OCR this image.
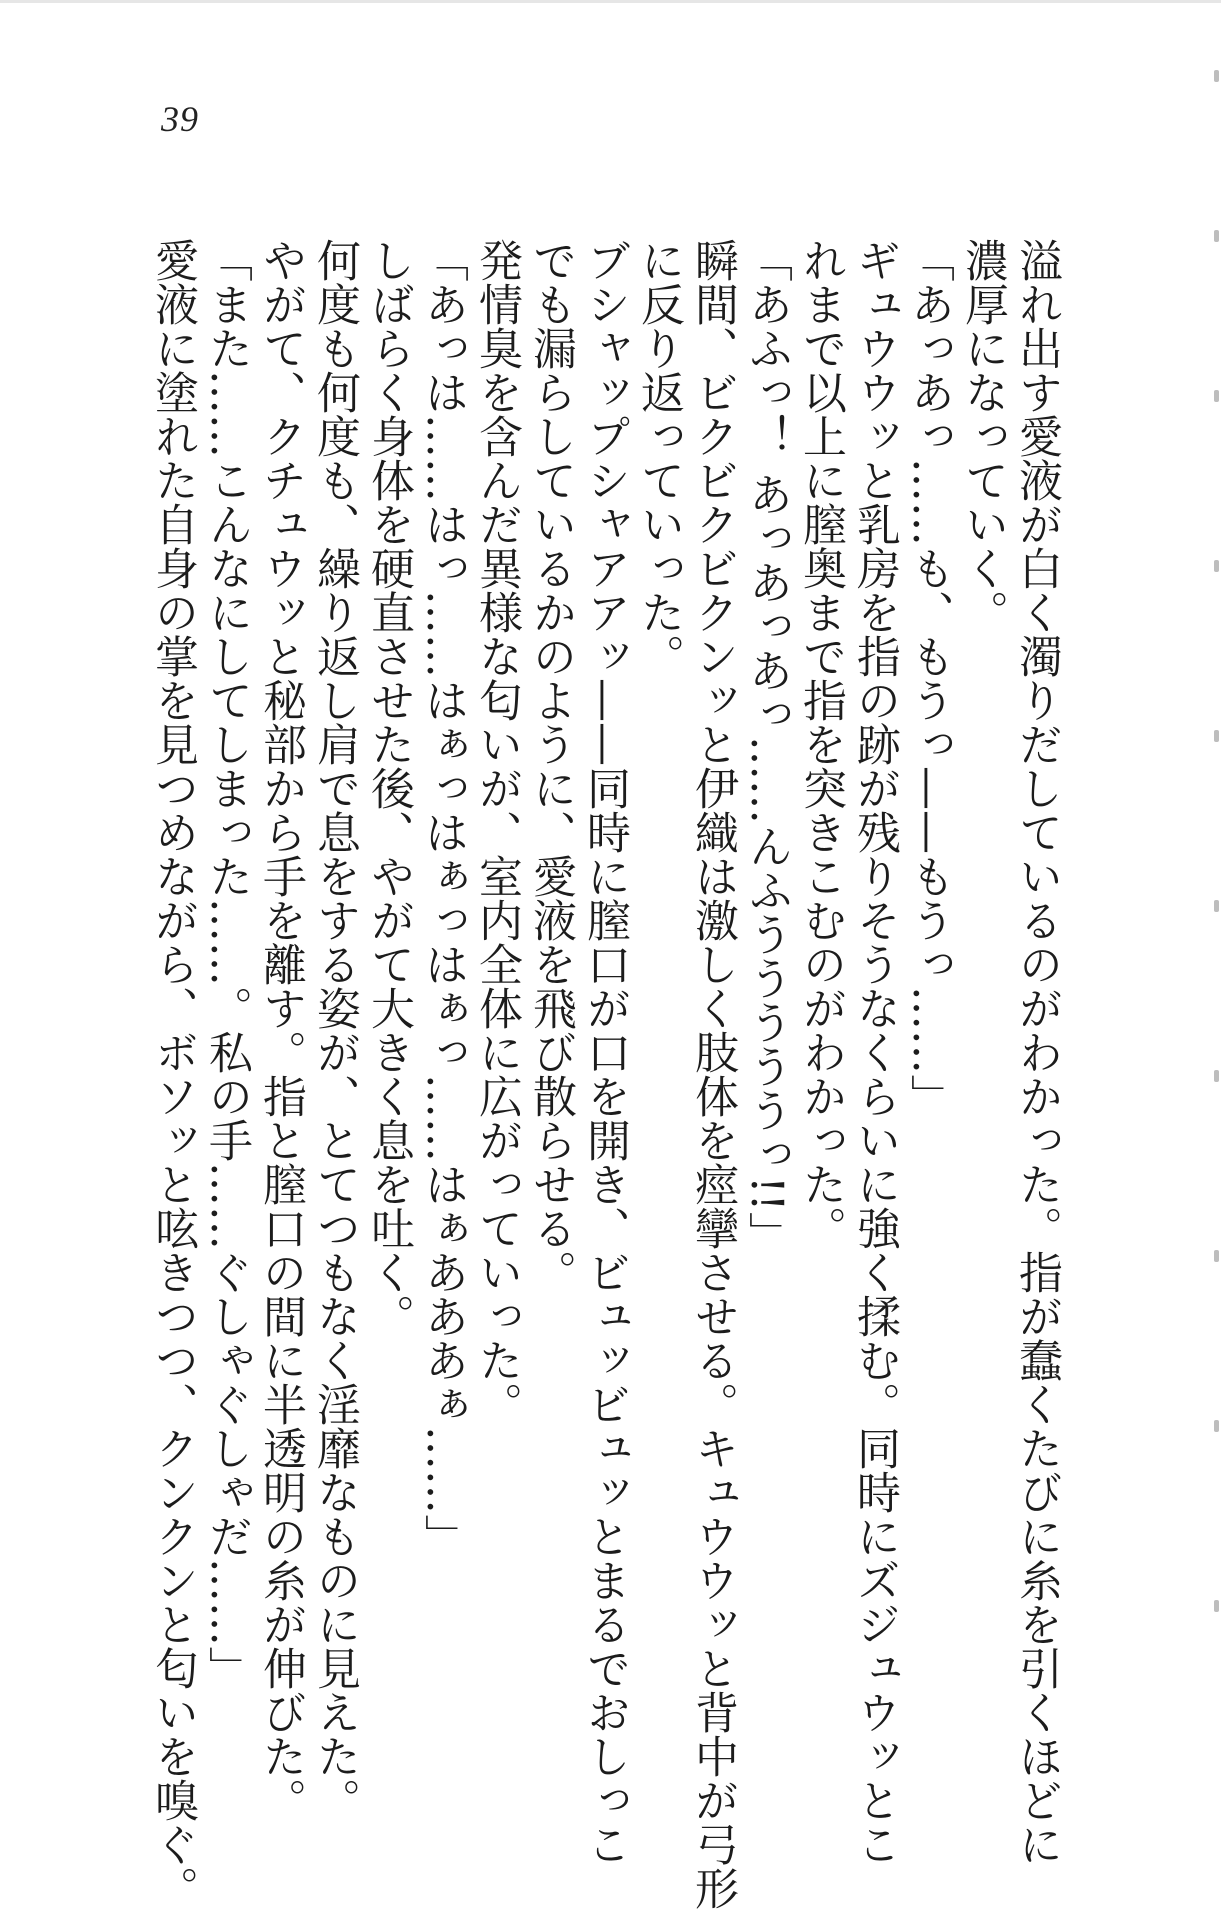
39
溢れ出す愛液が白く濁りだしているのがわかった。指が蠢くたびに糸を引くほどに
濃厚になっていく。
「あっあっ……も、もうっ——もうっ……」
ギュウウッと乳房を指の跡が残りそうなくらいに強く揉む。同時にズジュウッとこ
れまで以上に膣奥まで指を突きこむのがわかった。
「あふっ！ あっあっあっ……んふうううううっ!!」
瞬間、ビクビクビクンッと伊織は激しく肢体を痙攣させる。キュウウッと背中が弓形
に反り返っていった。
ブシャップシャアアッ——同時に膣口が口を開き、ビュッビュッとまるでおしっこ
でも漏らしているかのように、愛液を飛び散らせる。
発情臭を含んだ異様な匂いが、室内全体に広がっていった。
「あっは……はっ……はぁっはぁっはぁっ……はぁあああぁ……」
しばらく身体を硬直させた後、やがて大きく息を吐く。
何度も何度も、繰り返し肩で息をする姿が、とてつもなく淫靡なものに見えた。
やがて、クチュウッと秘部から手を離す。指と膣口の間に半透明の糸が伸びた。
「また……こんなにしてしまった……。私の手……ぐしゃぐしゃだ……」
愛液に塗れた自身の掌を見つめながら、ボソッと呟きつつ、クンクンと匂いを嗅ぐ。
